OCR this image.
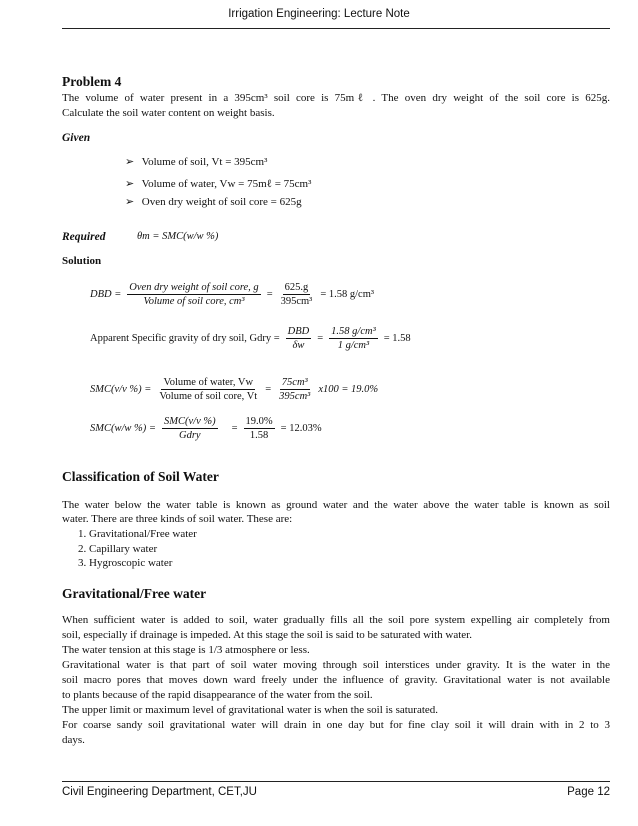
Irrigation Engineering: Lecture Note
Problem 4
The volume of water present in a 395cm³ soil core is 75mℓ . The oven dry weight of the soil core is 625g.
Calculate the soil water content on weight basis.
Given
➢ Volume of soil, Vt = 395cm³
➢ Volume of water, Vw = 75mℓ = 75cm³
➢ Oven dry weight of soil core = 625g
Required	θm = SMC(w/w %)
Solution
DBD = $\frac{\text{Oven dry weight of soil core, g}}{\text{Volume of soil core, cm³}} = \frac{625.g}{\text{395cm³}} = 1.58$ g/cm³
Apparent Specific gravity of dry soil, Gdry = $\frac{\text{DBD}}{\delta w} = \frac{\text{1.58 g/cm³}}{\text{1 g/cm³}} = 1.58$
SMC(v/v %) = $\frac{\text{Volume of water, Vw}}{\text{Volume of soil core, Vt}} = \frac{\text{75cm³}}{\text{395cm³}} x100 = 19.0\%$
SMC(w/w %) = $\frac{\text{SMC(v/v \%)}}{\text{Gdry}} = \frac{19.0\%}{1.58} = 12.03\%$
Classification of Soil Water
The water below the water table is known as ground water and the water above the water table is known as soil
water. There are three kinds of soil water. These are:
1. Gravitational/Free water
2. Capillary water
3. Hygroscopic water
Gravitational/Free water
When sufficient water is added to soil, water gradually fills all the soil pore system expelling air completely from
soil, especially if drainage is impeded. At this stage the soil is said to be saturated with water.
The water tension at this stage is 1/3 atmosphere or less.
Gravitational water is that part of soil water moving through soil interstices under gravity. It is the water in the
soil macro pores that moves down ward freely under the influence of gravity. Gravitational water is not available
to plants because of the rapid disappearance of the water from the soil.
The upper limit or maximum level of gravitational water is when the soil is saturated.
For coarse sandy soil gravitational water will drain in one day but for fine clay soil it will drain with in 2 to 3
days.
Civil Engineering Department, CET,JU	Page 12
